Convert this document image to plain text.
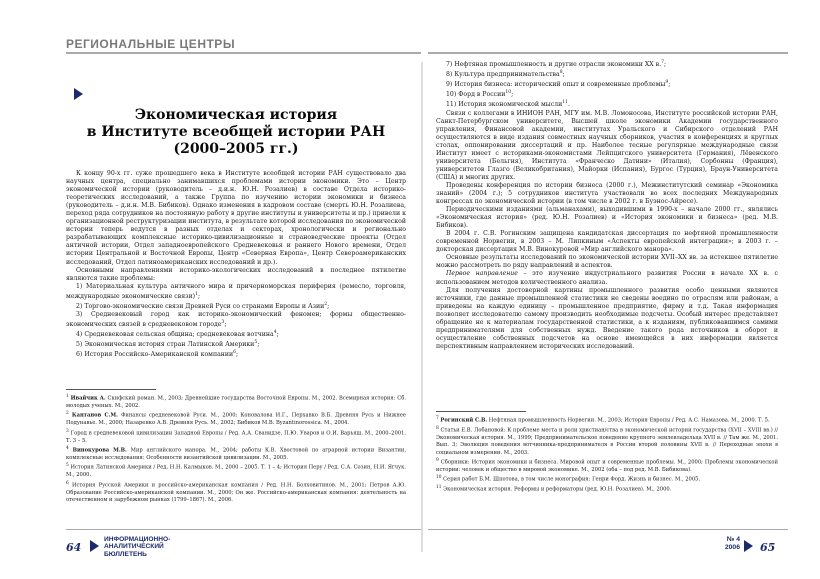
РЕГИОНАЛЬНЫЕ ЦЕНТРЫ
Экономическая история
в Институте всеобщей истории РАН
(2000–2005 гг.)

К концу 90-х гг. суже прошедшего века в Институте всеобщей истории РАН существовало два научных центра, специально занимавшихся проблемами истории экономики. Это – Центр экономической истории (руководитель – д.и.н. Ю.Н. Розалиев) в составе Отдела историко-теоретических исследований, а также Группа по изучению истории экономики и бизнеса (руководитель – д.и.н. М.В. Бибиков). Однако изменения в кадровом составе (смерть Ю.Н. Розалиева, переход ряда сотрудников на постоянную работу в другие институты и университеты и пр.) привели к организационной реструктуризации института, в результате которой исследования по экономической истории теперь ведутся в разных отделах и секторах, хронологически и регионально разрабатывающих комплексные историко-цивилизационные и страноведческие проекты (Отдел античной истории, Отдел западноевропейского Средневековья и раннего Нового времени, Отдел истории Центральной и Восточной Европы, Центр «Северная Европа», Центр Североамериканских исследований, Отдел латиноамериканских исследований и др.).

Основными направлениями историко-экологических исследований в последнее пятилетие являются такие проблемы:

1) Материальная культура античного мира и причерноморская периферия (ремесло, торговля, международные экономические связи)$^1$;
2) Торгово-экономические связи Древней Руси со странами Европы и Азии$^2$;
3) Средневековый город как историко-экономический феномен; формы общественно-экономических связей в средневековом городе$^3$;
4) Средневековая сельская община; средневековая вотчина$^4$;
5) Экономическая история стран Латинской Америки$^5$;
6) История Российско-Американской компании$^6$;

$^1$ Ивайчик А. Скифский роман. М., 2003; Древнейшие государства Восточной Европы. М., 2002. Всемирная история: Сб. молодых ученых. М., 2002.

$^2$ Кантанов С.М. Финансы средневековой Руси. М., 2000; Коновалова И.Г., Перхавко В.Б. Древняя Русь и Нижнее Подунавье. М., 2000; Назаренко А.В. Древняя Русь. М., 2002; Бибиков М.В. Byzantinorossica. М., 2004.

$^3$ Город в средневековой цивилизации Западной Европы / Ред. А.А. Сванидзе, П.Ю. Уваров и О.И. Варьяш. М., 2000–2001. Т. 3 – 5.

$^4$ Винокурова М.В. Мир английского манора. М., 2004; работы К.В. Хвостовой по аграрной истории Византии, комплексные исследования: Особенности византийской цивилизации. М., 2005.

$^5$ История Латинской Америки / Ред. Н.Н. Калмыков. М., 2000 – 2005. Т. 1 – 4; История Перу / Ред. С.А. Созин, Н.И. Ягчук. М., 2000.

$^6$ История Русской Америки и российско-американская компания / Ред. Н.Н. Болховитинов. М., 2001; Петров А.Ю. Образование Российско-американской компании. М., 2000; Он же. Российско-американская компания: деятельность на отечественном и зарубежном рынках (1799–1867). М., 2006.

7) Нефтяная промышленность и другие отрасли экономики XX в.$^7$;
8) Культура предпринимательства$^8$;
9) История бизнеса: исторический опыт и современные проблемы$^9$;
10) Форд в России$^{10}$;
11) История экономической мысли$^{11}$.

Связи с коллегами в ИНИОН РАН, МГУ им. М.В. Ломоносова, Институте российской истории РАН, Санкт-Петербургском университете, Высшей школе экономики Академии государственного управления, Финансовой академии, институтах Уральского и Сибирского отделений РАН осуществляются в виде издания совместных научных сборников, участия в конференциях и круглых столах, оппонировании диссертаций и пр. Наиболее тесные регулярные международные связи Институт имеет с историками-экономистами Лейпцигского университета (Германия), Лёвенского университета (Бельгия), Института «Франческо Датини» (Италия), Сорбонны (Франция), университетов Глазго (Великобритания), Майорки (Испания), Бургос (Турция), Браун-Университета (США) и многих других.

Проведены конференция по истории бизнеса (2000 г.), Межинститутский семинар «Экономика знаний» (2004 г.); 5 сотрудников института участвовали во всех последних Международных конгрессах по экономической истории (в том числе в 2002 г. в Буэнос-Айресе).

Периодическими изданиями (альманахами), выходившими в 1990-х – начале 2000 гг., являлись «Экономическая история» (ред. Ю.Н. Розалиев) и «История экономики и бизнеса» (ред. М.В. Бибиков).

В 2004 г. С.В. Рогинским защищена кандидатская диссертация по нефтяной промышленности современной Норвегии, в 2003 – М. Липкиным «Аспекты европейской интеграции»; в 2003 г. – докторская диссертация М.В. Винокуровой «Мир английского манора».

Основные результаты исследований по экономической истории XVII–XX вв. за истекшее пятилетие можно рассмотреть по ряду направлений и аспектов.

Первое направление – это изучение индустриального развития России в начале XX в. с использованием методов количественного анализа.

Для получения достоверной картины промышленного развития особо ценными являются источники, где данные промышленной статистики не сведены воедино по отраслям или районам, а приведены на каждую единицу – промышленное предприятие, фирму и т.д. Такая информация позволяет исследователю самому производить необходимые подсчеты. Особый интерес представляет обращение не к материалам государственной статистики, а к изданиям, публиковавшимся самими предпринимателями для собственных нужд. Введение такого рода источников в оборот и осуществление собственных подсчетов на основе имеющейся в них информации является перспективным направлением исторических исследований.

$^7$ Рогинский С.В. Нефтяная промышленность Норвегии. М., 2003; История Европы / Ред. А.С. Намазова. М., 2000. Т. 5.

$^8$ Статьи Е.В. Лобановой: К проблеме места и роли христиан/ства в экономической истории государства (XVII – XVIII вв.) // Экономическая история. М., 1999; Предпринимательское поведение крупного землевладельца XVII в. // Там же. М., 2001. Вып. 3; Эволюция поведения вотчинника-предпринимателя в России второй половины XVII в. // Переходные эпохи в социальном измерении. М., 2003.

$^9$ Сборники: История экономики и бизнеса. Мировой опыт и современные проблемы. М., 2000; Проблемы экономической истории: человек и общество в мировой экономике. М., 2002 (оба – под ред. М.В. Бибикова).

$^{10}$ Серия работ Б.М. Шпотова, в том числе монография: Генри Форд. Жизнь и бизнес. М., 2005.

$^{11}$ Экономическая история. Реформы и реформаторы (ред. Ю.Н. Розалиев). М., 2000.

64
ИНФОРМАЦИОННО-
АНАЛИТИЧЕСКИЙ
БЮЛЛЕТЕНЬ
№ 4
2006 65
